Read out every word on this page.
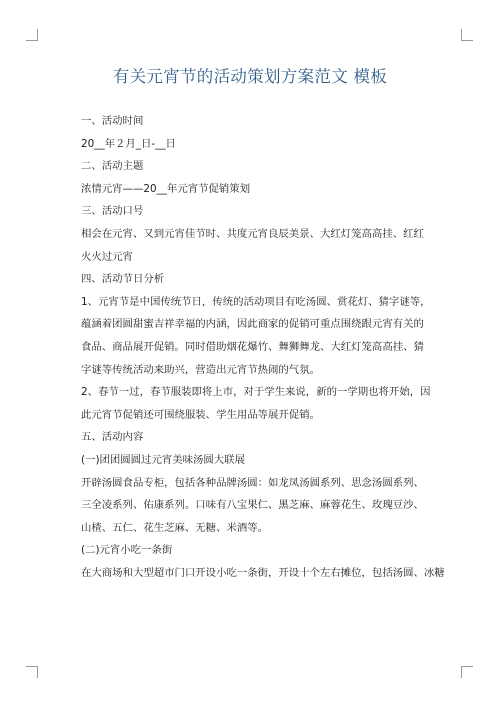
有关元宵节的活动策划方案范文 模板

一、活动时间

20__年２月_日-__日

二、活动主题

浓情元宵——20__年元宵节促销策划

三、活动口号

相会在元宵、又到元宵佳节时、共度元宵良辰美景、大红灯笼高高挂、红红火火过元宵

四、活动节日分析

1、元宵节是中国传统节日，传统的活动项目有吃汤圆、赏花灯、猜字谜等，蕴涵着团圆甜蜜吉祥幸福的内涵，因此商家的促销可重点围绕跟元宵有关的食品、商品展开促销。同时借助烟花爆竹、舞狮舞龙、大红灯笼高高挂、猜字谜等传统活动来助兴，营造出元宵节热闹的气氛。

2、春节一过，春节服装即将上市，对于学生来说，新的一学期也将开始，因此元宵节促销还可围绕服装、学生用品等展开促销。

五、活动内容

(一)团团圆圆过元宵美味汤圆大联展

开辟汤圆食品专柜，包括各种品牌汤圆：如龙凤汤圆系列、思念汤圆系列、三全凌系列、佑康系列。口味有八宝果仁、黑芝麻、麻蓉花生、玫瑰豆沙、山楂、五仁、花生芝麻、无糖、米酒等。

(二)元宵小吃一条街

在大商场和大型超市门口开设小吃一条街，开设十个左右摊位，包括汤圆、冰糖
